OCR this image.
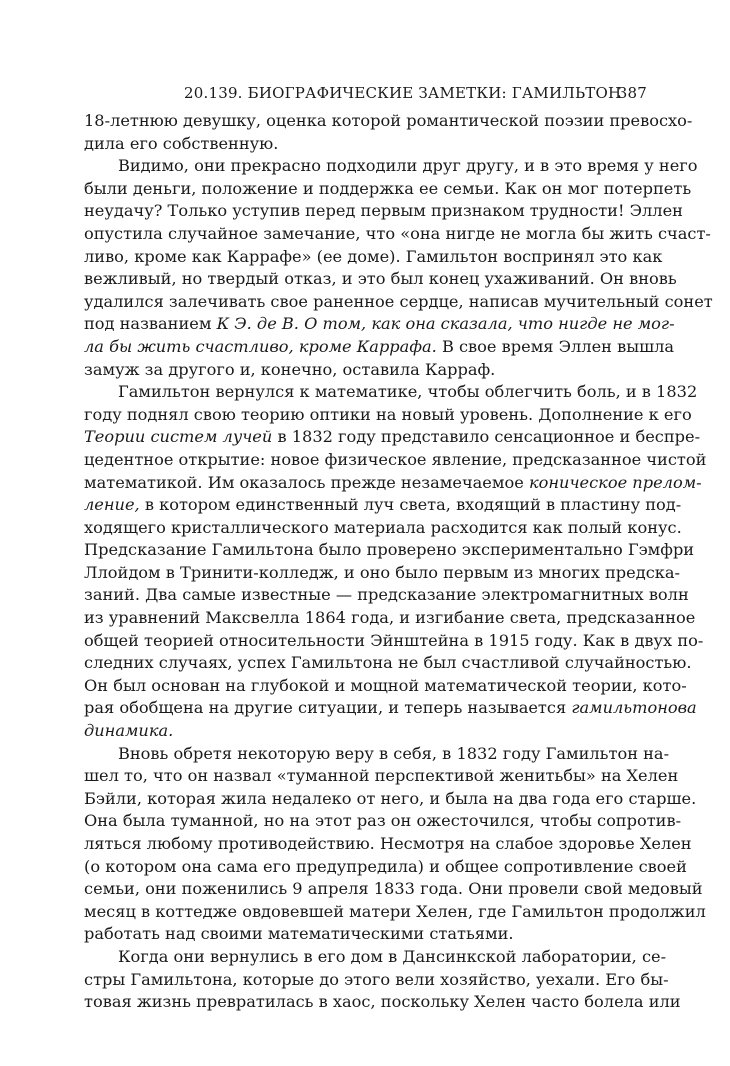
20.139. БИОГРАФИЧЕСКИЕ ЗАМЕТКИ: ГАМИЛЬТОН
387
18-летнюю девушку, оценка которой романтической поэзии превосхо-
дила его собственную.
Видимо, они прекрасно подходили друг другу, и в это время у него
были деньги, положение и поддержка ее семьи. Как он мог потерпеть
неудачу? Только уступив перед первым признаком трудности! Эллен
опустила случайное замечание, что «она нигде не могла бы жить счаст-
ливо, кроме как Каррафе» (ее доме). Гамильтон воспринял это как
вежливый, но твердый отказ, и это был конец ухаживаний. Он вновь
удалился залечивать свое раненное сердце, написав мучительный сонет
под названием К Э. де В. О том, как она сказала, что нигде не мог-
ла бы жить счастливо, кроме Каррафа. В свое время Эллен вышла
замуж за другого и, конечно, оставила Карраф.
Гамильтон вернулся к математике, чтобы облегчить боль, и в 1832
году поднял свою теорию оптики на новый уровень. Дополнение к его
Теории систем лучей в 1832 году представило сенсационное и беспре-
цедентное открытие: новое физическое явление, предсказанное чистой
математикой. Им оказалось прежде незамечаемое коническое прелом-
ление, в котором единственный луч света, входящий в пластину под-
ходящего кристаллического материала расходится как полый конус.
Предсказание Гамильтона было проверено экспериментально Гэмфри
Ллойдом в Тринити-колледж, и оно было первым из многих предска-
заний. Два самые известные — предсказание электромагнитных волн
из уравнений Максвелла 1864 года, и изгибание света, предсказанное
общей теорией относительности Эйнштейна в 1915 году. Как в двух по-
следних случаях, успех Гамильтона не был счастливой случайностью.
Он был основан на глубокой и мощной математической теории, кото-
рая обобщена на другие ситуации, и теперь называется гамильтонова
динамика.
Вновь обретя некоторую веру в себя, в 1832 году Гамильтон на-
шел то, что он назвал «туманной перспективой женитьбы» на Хелен
Бэйли, которая жила недалеко от него, и была на два года его старше.
Она была туманной, но на этот раз он ожесточился, чтобы сопротив-
ляться любому противодействию. Несмотря на слабое здоровье Хелен
(о котором она сама его предупредила) и общее сопротивление своей
семьи, они поженились 9 апреля 1833 года. Они провели свой медовый
месяц в коттедже овдовевшей матери Хелен, где Гамильтон продолжил
работать над своими математическими статьями.
Когда они вернулись в его дом в Дансинкской лаборатории, се-
стры Гамильтона, которые до этого вели хозяйство, уехали. Его бы-
товая жизнь превратилась в хаос, поскольку Хелен часто болела или
